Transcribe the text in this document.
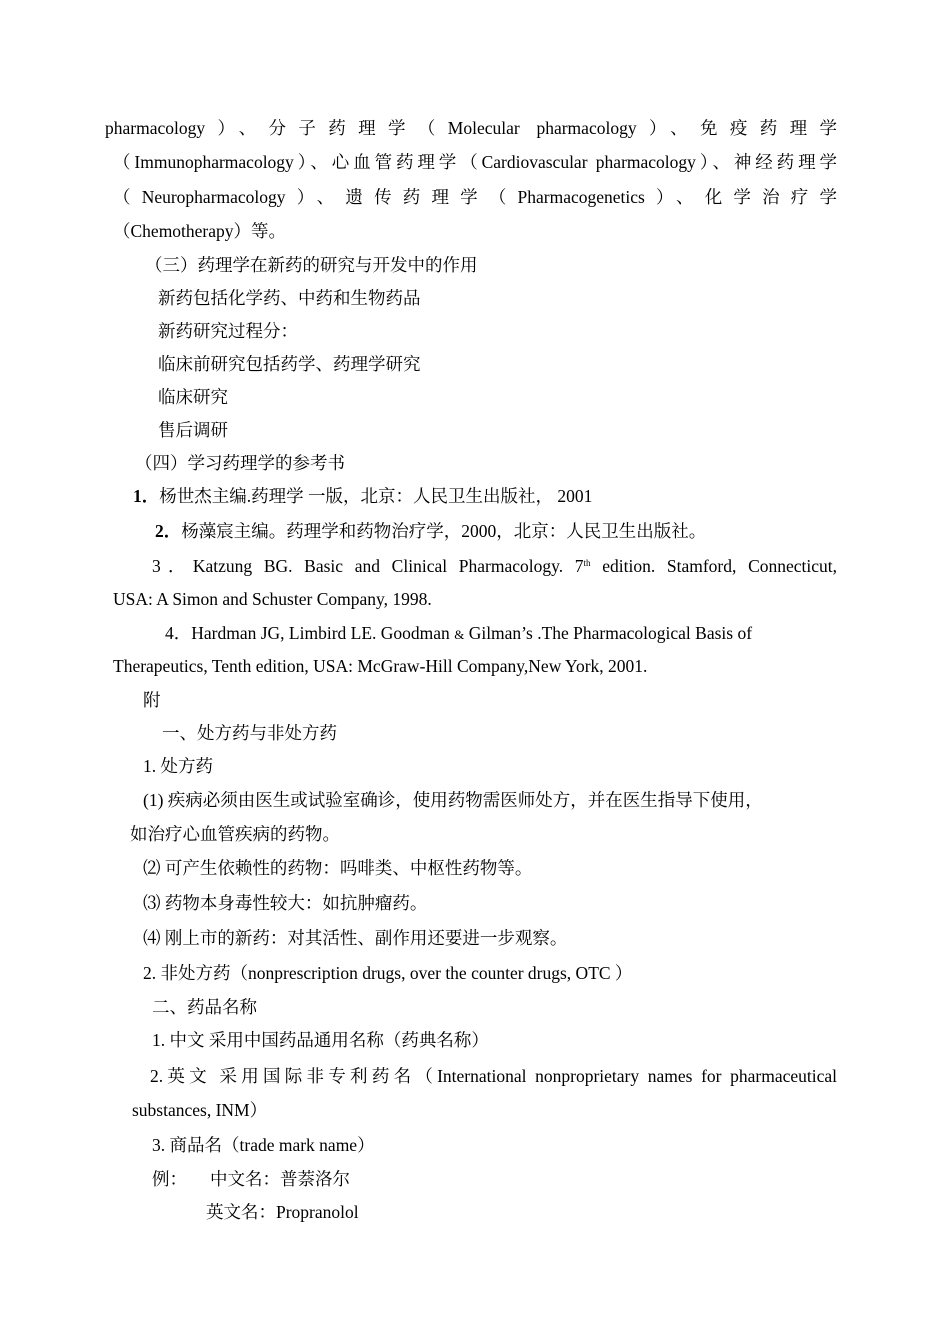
pharmacology）、分子药理学（Molecular pharmacology）、免疫药理学
（Immunopharmacology）、心血管药理学（Cardiovascular pharmacology）、神经药理学
（Neuropharmacology）、遗传药理学（Pharmacogenetics）、化学治疗学
（Chemotherapy）等。
（三）药理学在新药的研究与开发中的作用
新药包括化学药、中药和生物药品
新药研究过程分：
临床前研究包括药学、药理学研究
临床研究
售后调研
（四）学习药理学的参考书
1．杨世杰主编.药理学 一版，北京：人民卫生出版社， 2001
2．杨藻宸主编。药理学和药物治疗学，2000，北京：人民卫生出版社。
3．Katzung BG. Basic and Clinical Pharmacology. 7th edition. Stamford, Connecticut,
USA: A Simon and Schuster Company, 1998.
4．Hardman JG, Limbird LE. Goodman & Gilman’s .The Pharmacological Basis of
Therapeutics, Tenth edition, USA: McGraw-Hill Company,New York, 2001.
附
一、处方药与非处方药
1. 处方药
(1) 疾病必须由医生或试验室确诊，使用药物需医师处方，并在医生指导下使用，
如治疗心血管疾病的药物。
⑵ 可产生依赖性的药物：吗啡类、中枢性药物等。
⑶ 药物本身毒性较大：如抗肿瘤药。
⑷ 刚上市的新药：对其活性、副作用还要进一步观察。
2. 非处方药（nonprescription drugs, over the counter drugs, OTC ）
二、药品名称
1. 中文 采用中国药品通用名称（药典名称）
2.英文 采用国际非专利药名（International nonproprietary names for pharmaceutical
substances, INM）
3. 商品名（trade mark name）
例： 中文名：普萘洛尔
英文名：Propranolol
